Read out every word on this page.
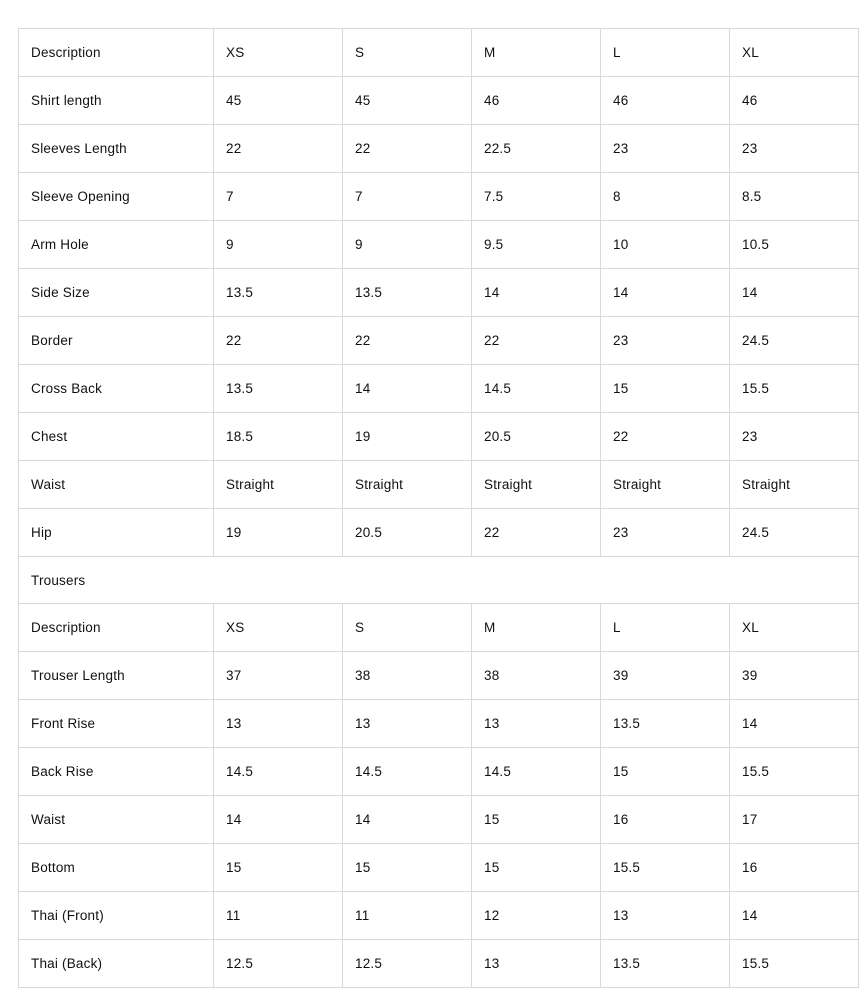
Description	XS	S	M	L	XL
Shirt length	45	45	46	46	46
Sleeves Length	22	22	22.5	23	23
Sleeve Opening	7	7	7.5	8	8.5
Arm Hole	9	9	9.5	10	10.5
Side Size	13.5	13.5	14	14	14
Border	22	22	22	23	24.5
Cross Back	13.5	14	14.5	15	15.5
Chest	18.5	19	20.5	22	23
Waist	Straight	Straight	Straight	Straight	Straight
Hip	19	20.5	22	23	24.5
Trousers					
Description	XS	S	M	L	XL
Trouser Length	37	38	38	39	39
Front Rise	13	13	13	13.5	14
Back Rise	14.5	14.5	14.5	15	15.5
Waist	14	14	15	16	17
Bottom	15	15	15	15.5	16
Thai (Front)	11	11	12	13	14
Thai (Back)	12.5	12.5	13	13.5	15.5
